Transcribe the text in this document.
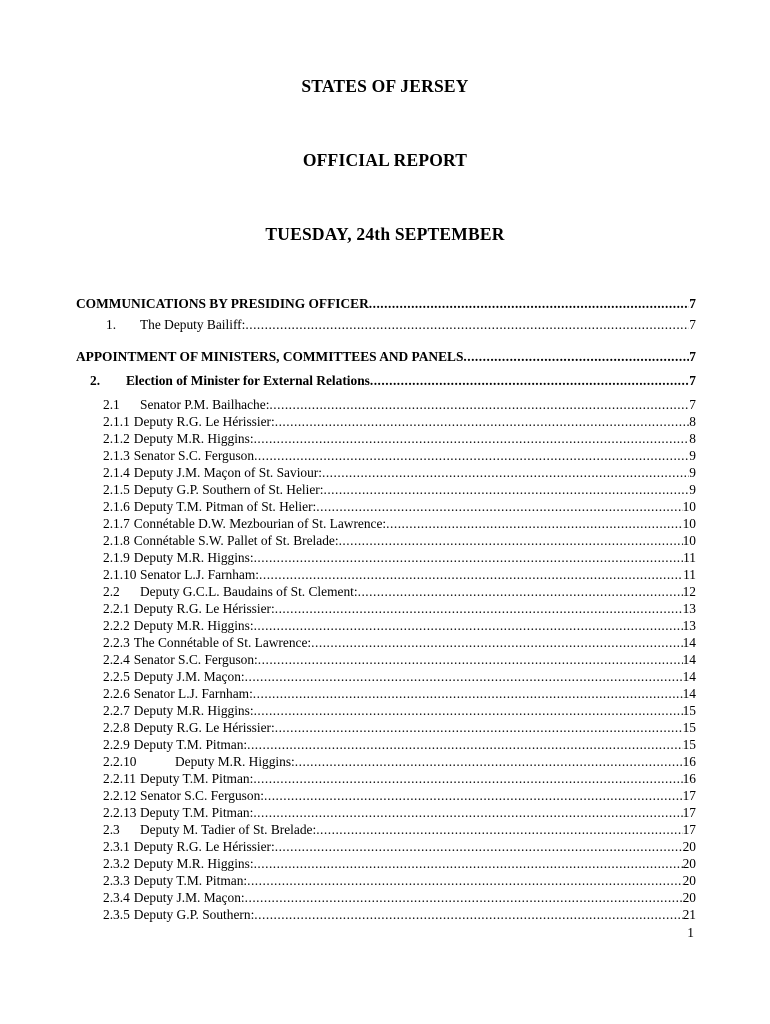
STATES OF JERSEY
OFFICIAL REPORT
TUESDAY, 24th SEPTEMBER
COMMUNICATIONS BY PRESIDING OFFICER .....	7
1. The Deputy Bailiff: .....	7
APPOINTMENT OF MINISTERS, COMMITTEES AND PANELS .....	7
2. Election of Minister for External Relations .....	7
2.1 Senator P.M. Bailhache: .....	7
2.1.1 Deputy R.G. Le Hérissier: .....	8
2.1.2 Deputy M.R. Higgins: .....	8
2.1.3 Senator S.C. Ferguson .....	9
2.1.4 Deputy J.M. Maçon of St. Saviour: .....	9
2.1.5 Deputy G.P. Southern of St. Helier: .....	9
2.1.6 Deputy T.M. Pitman of St. Helier: .....	10
2.1.7 Connétable D.W. Mezbourian of St. Lawrence: .....	10
2.1.8 Connétable S.W. Pallet of St. Brelade: .....	10
2.1.9 Deputy M.R. Higgins: .....	11
2.1.10 Senator L.J. Farnham: .....	11
2.2 Deputy G.C.L. Baudains of St. Clement: .....	12
2.2.1 Deputy R.G. Le Hérissier: .....	13
2.2.2 Deputy M.R. Higgins: .....	13
2.2.3 The Connétable of St. Lawrence: .....	14
2.2.4 Senator S.C. Ferguson: .....	14
2.2.5 Deputy J.M. Maçon: .....	14
2.2.6 Senator L.J. Farnham: .....	14
2.2.7 Deputy M.R. Higgins: .....	15
2.2.8 Deputy R.G. Le Hérissier: .....	15
2.2.9 Deputy T.M. Pitman: .....	15
2.2.10	Deputy M.R. Higgins: .....	16
2.2.11 Deputy T.M. Pitman: .....	16
2.2.12 Senator S.C. Ferguson: .....	17
2.2.13 Deputy T.M. Pitman: .....	17
2.3 Deputy M. Tadier of St. Brelade: .....	17
2.3.1 Deputy R.G. Le Hérissier: .....	20
2.3.2 Deputy M.R. Higgins: .....	20
2.3.3 Deputy T.M. Pitman: .....	20
2.3.4 Deputy J.M. Maçon: .....	20
2.3.5 Deputy G.P. Southern: .....	21
1
